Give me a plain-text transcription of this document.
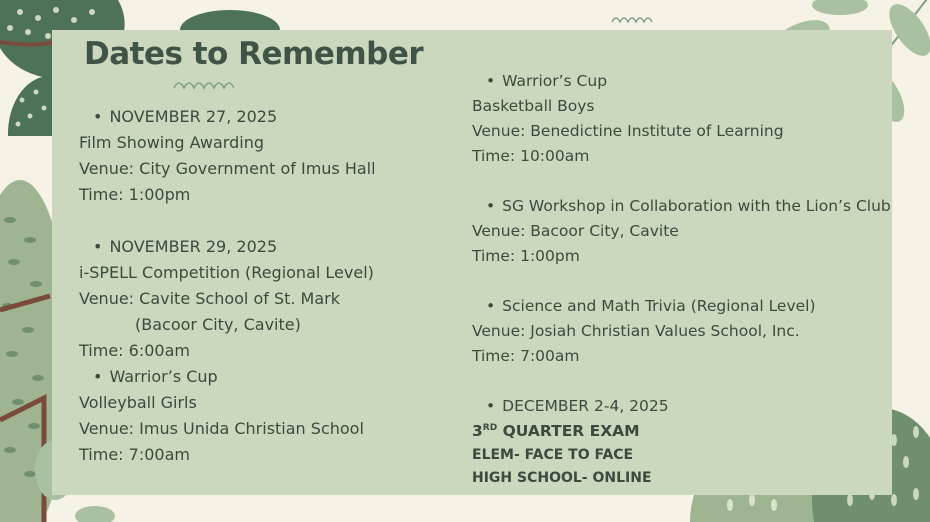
Dates to Remember
• NOVEMBER 27, 2025
Film Showing Awarding
Venue: City Government of Imus Hall
Time: 1:00pm
• NOVEMBER 29, 2025
i-SPELL Competition (Regional Level)
Venue: Cavite School of St. Mark
(Bacoor City, Cavite)
Time: 6:00am
• Warrior’s Cup
Volleyball Girls
Venue: Imus Unida Christian School
Time: 7:00am
• Warrior’s Cup
Basketball Boys
Venue: Benedictine Institute of Learning
Time: 10:00am
• SG Workshop in Collaboration with the Lion’s Club
Venue: Bacoor City, Cavite
Time: 1:00pm
• Science and Math Trivia (Regional Level)
Venue: Josiah Christian Values School, Inc.
Time: 7:00am
• DECEMBER 2-4, 2025
3RD QUARTER EXAM
ELEM- FACE TO FACE
HIGH SCHOOL- ONLINE
